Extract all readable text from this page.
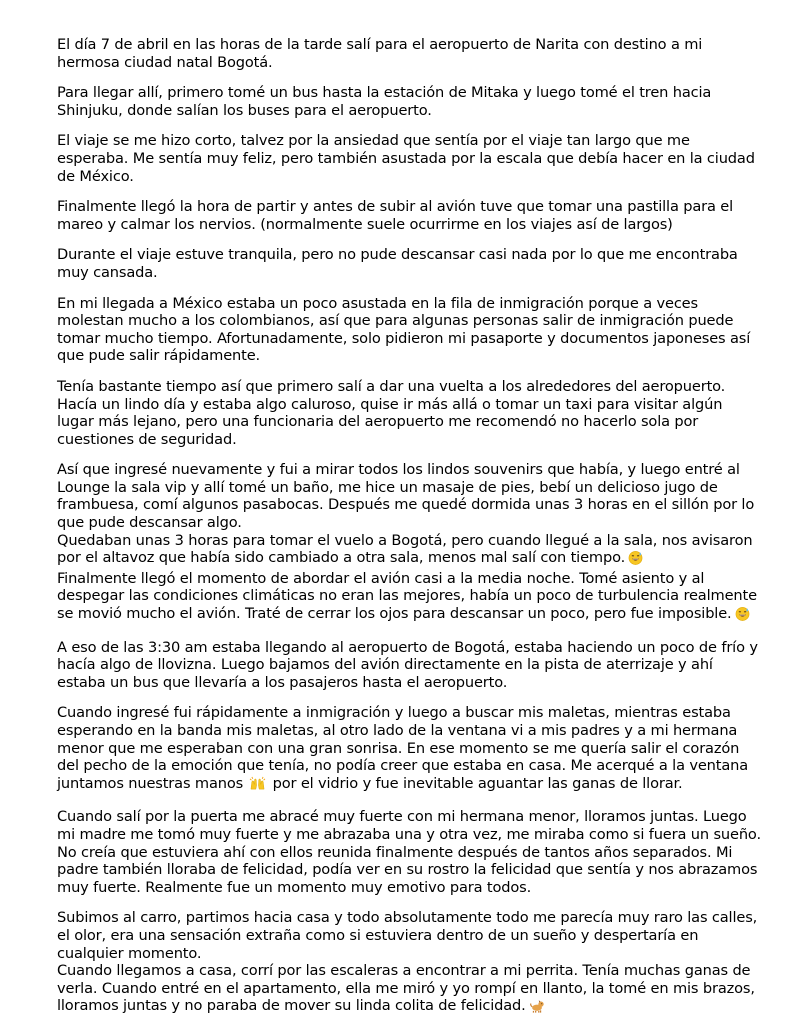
El día 7 de abril en las horas de la tarde salí para el aeropuerto de Narita con destino a mi
hermosa ciudad natal Bogotá.

Para llegar allí, primero tomé un bus hasta la estación de Mitaka y luego tomé el tren hacia
Shinjuku, donde salían los buses para el aeropuerto.

El viaje se me hizo corto, talvez por la ansiedad que sentía por el viaje tan largo que me
esperaba. Me sentía muy feliz, pero también asustada por la escala que debía hacer en la ciudad
de México.

Finalmente llegó la hora de partir y antes de subir al avión tuve que tomar una pastilla para el
mareo y calmar los nervios. (normalmente suele ocurrirme en los viajes así de largos)

Durante el viaje estuve tranquila, pero no pude descansar casi nada por lo que me encontraba
muy cansada.

En mi llegada a México estaba un poco asustada en la fila de inmigración porque a veces
molestan mucho a los colombianos, así que para algunas personas salir de inmigración puede
tomar mucho tiempo. Afortunadamente, solo pidieron mi pasaporte y documentos japoneses así
que pude salir rápidamente.

Tenía bastante tiempo así que primero salí a dar una vuelta a los alrededores del aeropuerto.
Hacía un lindo día y estaba algo caluroso, quise ir más allá o tomar un taxi para visitar algún
lugar más lejano, pero una funcionaria del aeropuerto me recomendó no hacerlo sola por
cuestiones de seguridad.

Así que ingresé nuevamente y fui a mirar todos los lindos souvenirs que había, y luego entré al
Lounge la sala vip y allí tomé un baño, me hice un masaje de pies, bebí un delicioso jugo de
frambuesa, comí algunos pasabocas. Después me quedé dormida unas 3 horas en el sillón por lo
que pude descansar algo.
Quedaban unas 3 horas para tomar el vuelo a Bogotá, pero cuando llegué a la sala, nos avisaron
por el altavoz que había sido cambiado a otra sala, menos mal salí con tiempo.
Finalmente llegó el momento de abordar el avión casi a la media noche. Tomé asiento y al
despegar las condiciones climáticas no eran las mejores, había un poco de turbulencia realmente
se movió mucho el avión. Traté de cerrar los ojos para descansar un poco, pero fue imposible.

A eso de las 3:30 am estaba llegando al aeropuerto de Bogotá, estaba haciendo un poco de frío y
hacía algo de llovizna. Luego bajamos del avión directamente en la pista de aterrizaje y ahí
estaba un bus que llevaría a los pasajeros hasta el aeropuerto.

Cuando ingresé fui rápidamente a inmigración y luego a buscar mis maletas, mientras estaba
esperando en la banda mis maletas, al otro lado de la ventana vi a mis padres y a mi hermana
menor que me esperaban con una gran sonrisa. En ese momento se me quería salir el corazón
del pecho de la emoción que tenía, no podía creer que estaba en casa. Me acerqué a la ventana
juntamos nuestras manos por el vidrio y fue inevitable aguantar las ganas de llorar.

Cuando salí por la puerta me abracé muy fuerte con mi hermana menor, lloramos juntas. Luego
mi madre me tomó muy fuerte y me abrazaba una y otra vez, me miraba como si fuera un sueño.
No creía que estuviera ahí con ellos reunida finalmente después de tantos años separados. Mi
padre también lloraba de felicidad, podía ver en su rostro la felicidad que sentía y nos abrazamos
muy fuerte. Realmente fue un momento muy emotivo para todos.

Subimos al carro, partimos hacia casa y todo absolutamente todo me parecía muy raro las calles,
el olor, era una sensación extraña como si estuviera dentro de un sueño y despertaría en
cualquier momento.
Cuando llegamos a casa, corrí por las escaleras a encontrar a mi perrita. Tenía muchas ganas de
verla. Cuando entré en el apartamento, ella me miró y yo rompí en llanto, la tomé en mis brazos,
lloramos juntas y no paraba de mover su linda colita de felicidad.
